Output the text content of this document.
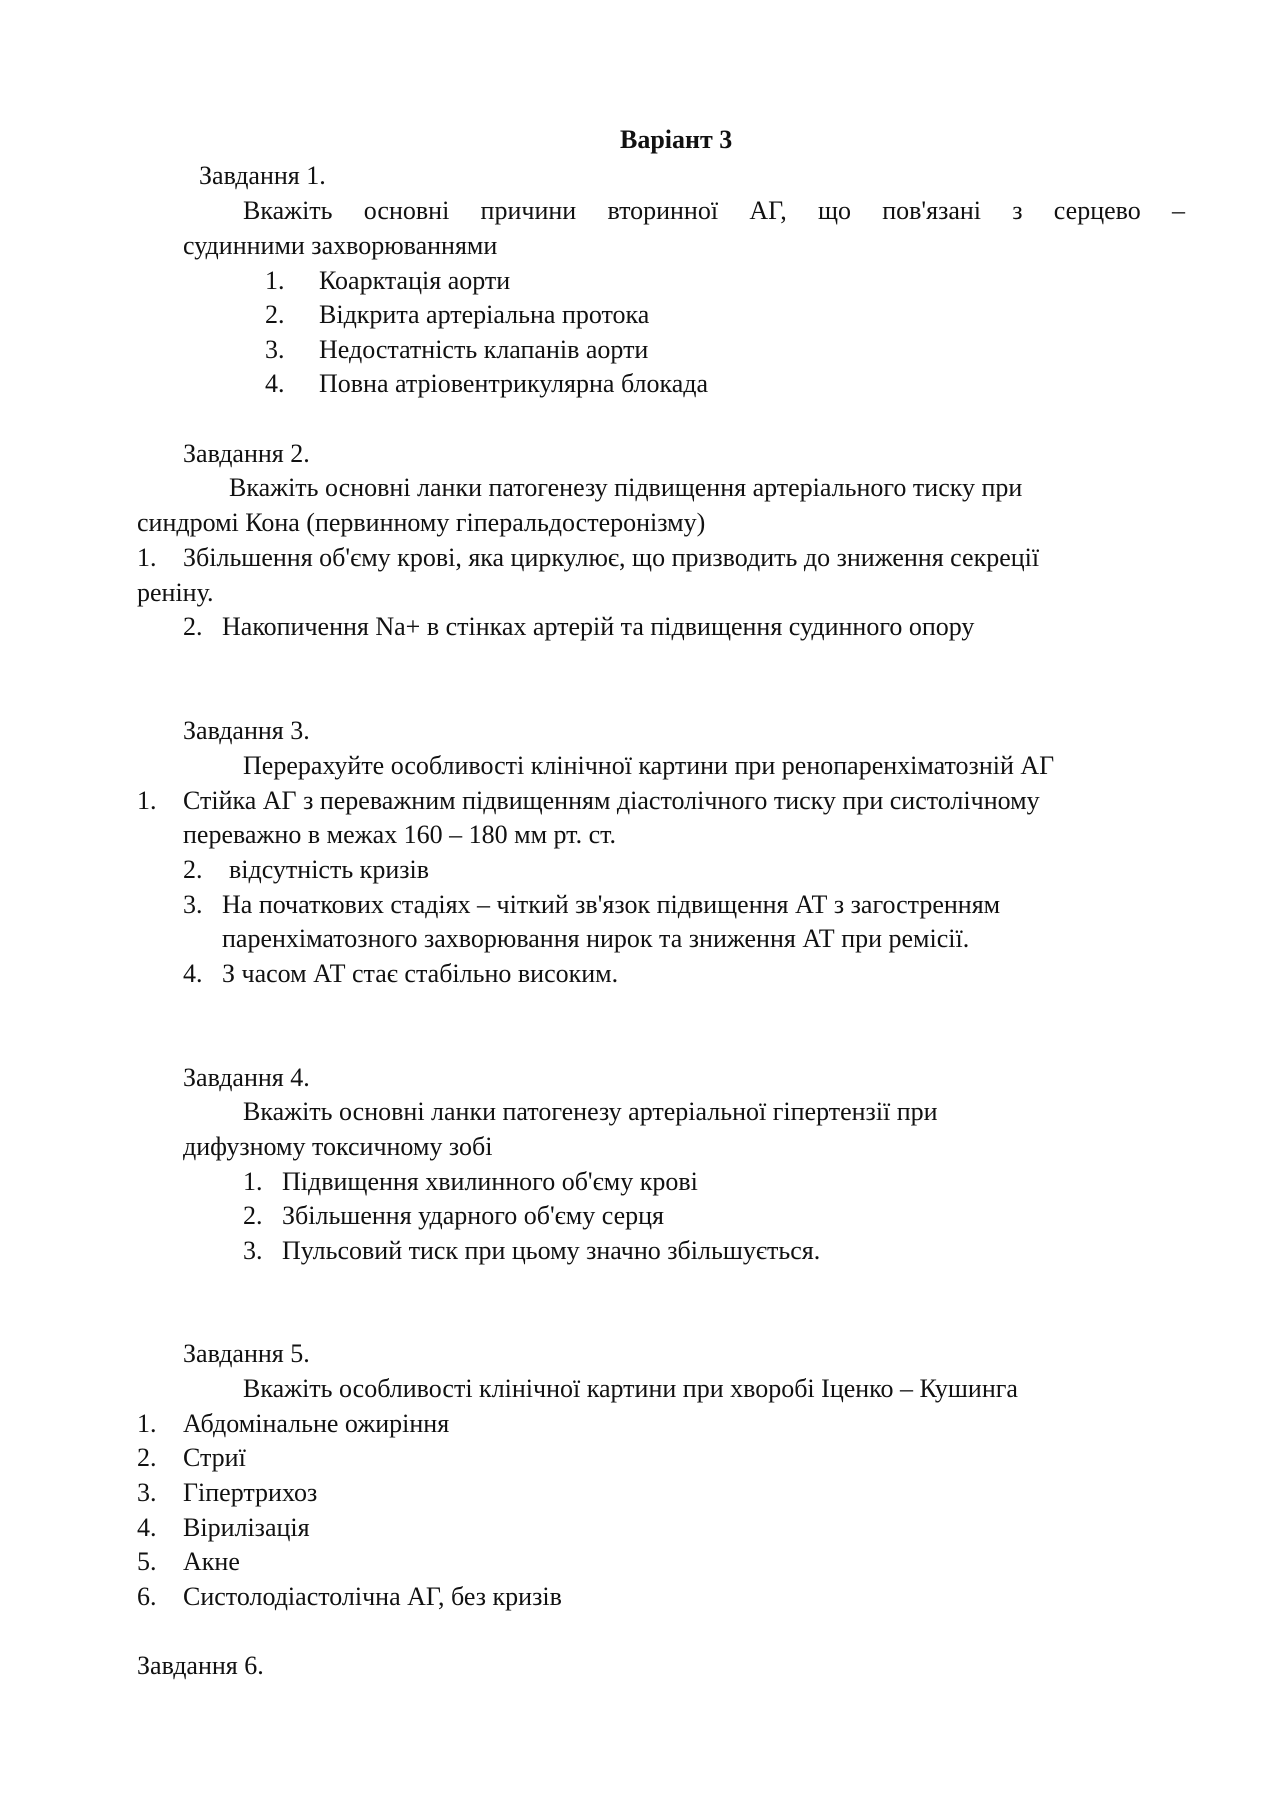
Варіант 3
Завдання 1.
Вкажіть основні причини вторинної АГ, що пов'язані з серцево –
судинними захворюваннями
1. Коарктація аорти
2. Відкрита артеріальна протока
3. Недостатність клапанів аорти
4. Повна атріовентрикулярна блокада
Завдання 2.
Вкажіть основні ланки патогенезу підвищення артеріального тиску при
синдромі Кона (первинному гіперальдостеронізму)
1. Збільшення об'єму крові, яка циркулює, що призводить до зниження секреції
реніну.
2. Накопичення Na+ в стінках артерій та підвищення судинного опору
Завдання 3.
Перерахуйте особливості клінічної картини при ренопаренхіматозній АГ
1. Стійка АГ з переважним підвищенням діастолічного тиску при систолічному
переважно в межах 160 – 180 мм рт. ст.
2. відсутність кризів
3. На початкових стадіях – чіткий зв'язок підвищення АТ з загостренням
паренхіматозного захворювання нирок та зниження АТ при ремісії.
4. З часом АТ стає стабільно високим.
Завдання 4.
Вкажіть основні ланки патогенезу артеріальної гіпертензії при
дифузному токсичному зобі
1. Підвищення хвилинного об'єму крові
2. Збільшення ударного об'єму серця
3. Пульсовий тиск при цьому значно збільшується.
Завдання 5.
Вкажіть особливості клінічної картини при хворобі Іценко – Кушинга
1. Абдомінальне ожиріння
2. Стриї
3. Гіпертрихоз
4. Вірилізація
5. Акне
6. Систолодіастолічна АГ, без кризів
Завдання 6.
